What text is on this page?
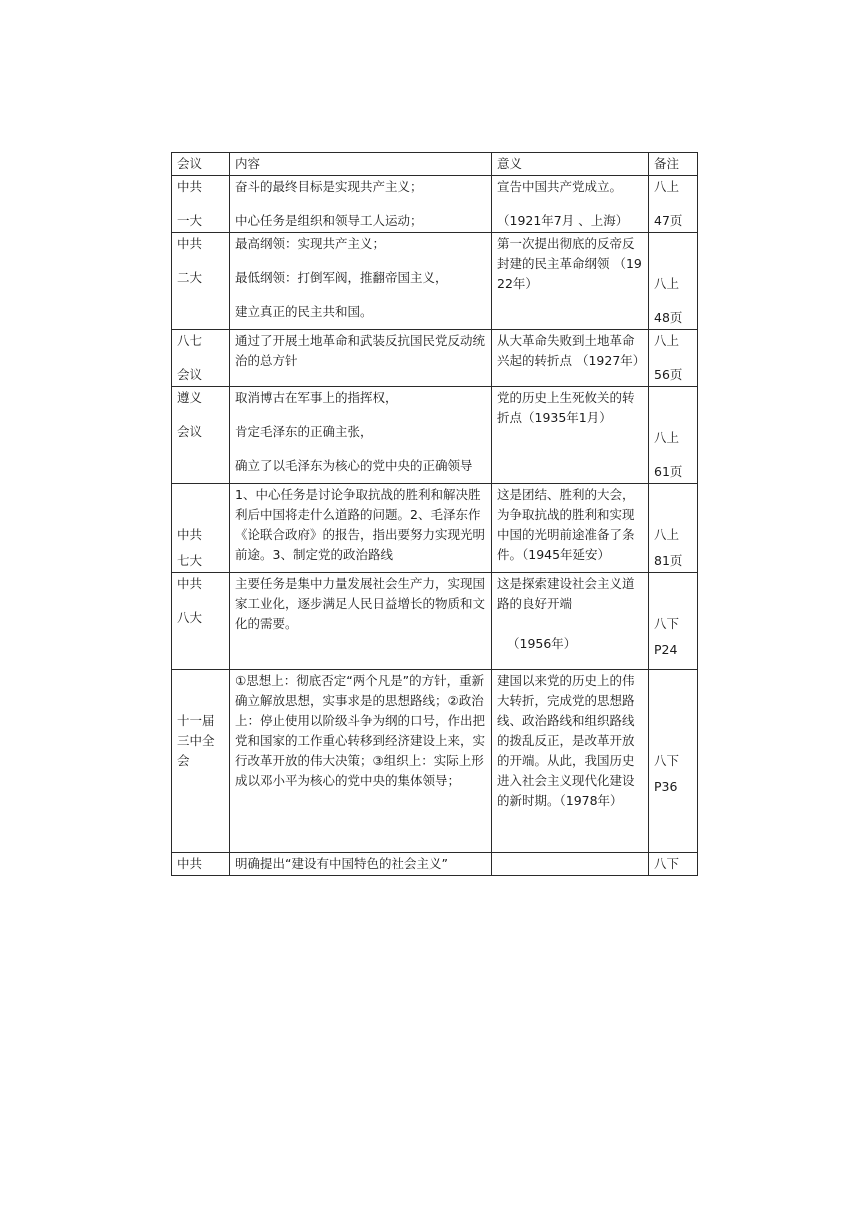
会议	内容	意义	备注

中共
一大	奋斗的最终目标是实现共产主义；
中心任务是组织和领导工人运动；	宣告中国共产党成立。
（1921年7月 、上海）	八上
47页

中共
二大	最高纲领：实现共产主义；
最低纲领：打倒军阀，推翻帝国主义，
建立真正的民主共和国。	第一次提出彻底的反帝反封建的民主革命纲领 （1922年）	八上
48页

八七
会议	通过了开展土地革命和武装反抗国民党反动统治的总方针	从大革命失败到土地革命兴起的转折点 （1927年）	八上
56页

遵义
会议	取消博古在军事上的指挥权，
肯定毛泽东的正确主张，
确立了以毛泽东为核心的党中央的正确领导	党的历史上生死攸关的转折点（1935年1月）	八上
61页

中共
七大	1、中心任务是讨论争取抗战的胜利和解决胜利后中国将走什么道路的问题。2、毛泽东作《论联合政府》的报告，指出要努力实现光明前途。3、制定党的政治路线	这是团结、胜利的大会，为争取抗战的胜利和实现中国的光明前途准备了条件。（1945年延安）	八上
81页

中共
八大	主要任务是集中力量发展社会生产力，实现国家工业化，逐步满足人民日益增长的物质和文化的需要。	这是探索建设社会主义道路的良好开端
（1956年）	八下
P24

十一届三中全会	①思想上：彻底否定“两个凡是”的方针，重新确立解放思想，实事求是的思想路线；②政治上：停止使用以阶级斗争为纲的口号，作出把党和国家的工作重心转移到经济建设上来，实行改革开放的伟大决策；③组织上：实际上形成以邓小平为核心的党中央的集体领导；	建国以来党的历史上的伟大转折，完成党的思想路线、政治路线和组织路线的拨乱反正，是改革开放的开端。从此，我国历史进入社会主义现代化建设的新时期。（1978年）	八下
P36

中共	明确提出“建设有中国特色的社会主义”		八下
